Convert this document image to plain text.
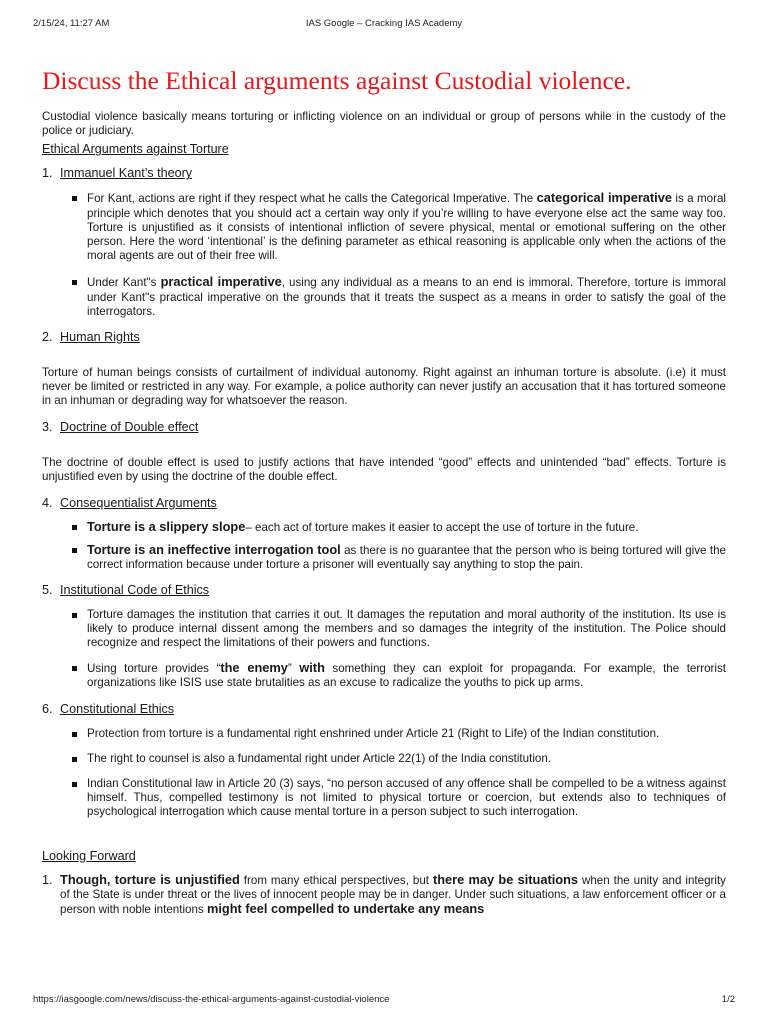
2/15/24, 11:27 AM	IAS Google – Cracking IAS Academy
Discuss the Ethical arguments against Custodial violence.

Custodial violence basically means torturing or inflicting violence on an individual or group of persons while in the custody of the police or judiciary.

Ethical Arguments against Torture
1. Immanuel Kant’s theory
For Kant, actions are right if they respect what he calls the Categorical Imperative. The categorical imperative is a moral principle which denotes that you should act a certain way only if you’re willing to have everyone else act the same way too. Torture is unjustified as it consists of intentional infliction of severe physical, mental or emotional suffering on the other person. Here the word ‘intentional’ is the defining parameter as ethical reasoning is applicable only when the actions of the moral agents are out of their free will.
Under Kant"s practical imperative, using any individual as a means to an end is immoral. Therefore, torture is immoral under Kant"s practical imperative on the grounds that it treats the suspect as a means in order to satisfy the goal of the interrogators.
2. Human Rights

Torture of human beings consists of curtailment of individual autonomy. Right against an inhuman torture is absolute. (i.e) it must never be limited or restricted in any way. For example, a police authority can never justify an accusation that it has tortured someone in an inhuman or degrading way for whatsoever the reason.

3. Doctrine of Double effect

The doctrine of double effect is used to justify actions that have intended “good” effects and unintended “bad” effects. Torture is unjustified even by using the doctrine of the double effect.

4. Consequentialist Arguments
Torture is a slippery slope– each act of torture makes it easier to accept the use of torture in the future.
Torture is an ineffective interrogation tool as there is no guarantee that the person who is being tortured will give the correct information because under torture a prisoner will eventually say anything to stop the pain.
5. Institutional Code of Ethics
Torture damages the institution that carries it out. It damages the reputation and moral authority of the institution. Its use is likely to produce internal dissent among the members and so damages the integrity of the institution. The Police should recognize and respect the limitations of their powers and functions.
Using torture provides “the enemy” with something they can exploit for propaganda. For example, the terrorist organizations like ISIS use state brutalities as an excuse to radicalize the youths to pick up arms.
6. Constitutional Ethics
Protection from torture is a fundamental right enshrined under Article 21 (Right to Life) of the Indian constitution.
The right to counsel is also a fundamental right under Article 22(1) of the India constitution.
Indian Constitutional law in Article 20 (3) says, “no person accused of any offence shall be compelled to be a witness against himself. Thus, compelled testimony is not limited to physical torture or coercion, but extends also to techniques of psychological interrogation which cause mental torture in a person subject to such interrogation.
Looking Forward
1. Though, torture is unjustified from many ethical perspectives, but there may be situations when the unity and integrity of the State is under threat or the lives of innocent people may be in danger. Under such situations, a law enforcement officer or a person with noble intentions might feel compelled to undertake any means
https://iasgoogle.com/news/discuss-the-ethical-arguments-against-custodial-violence	1/2
